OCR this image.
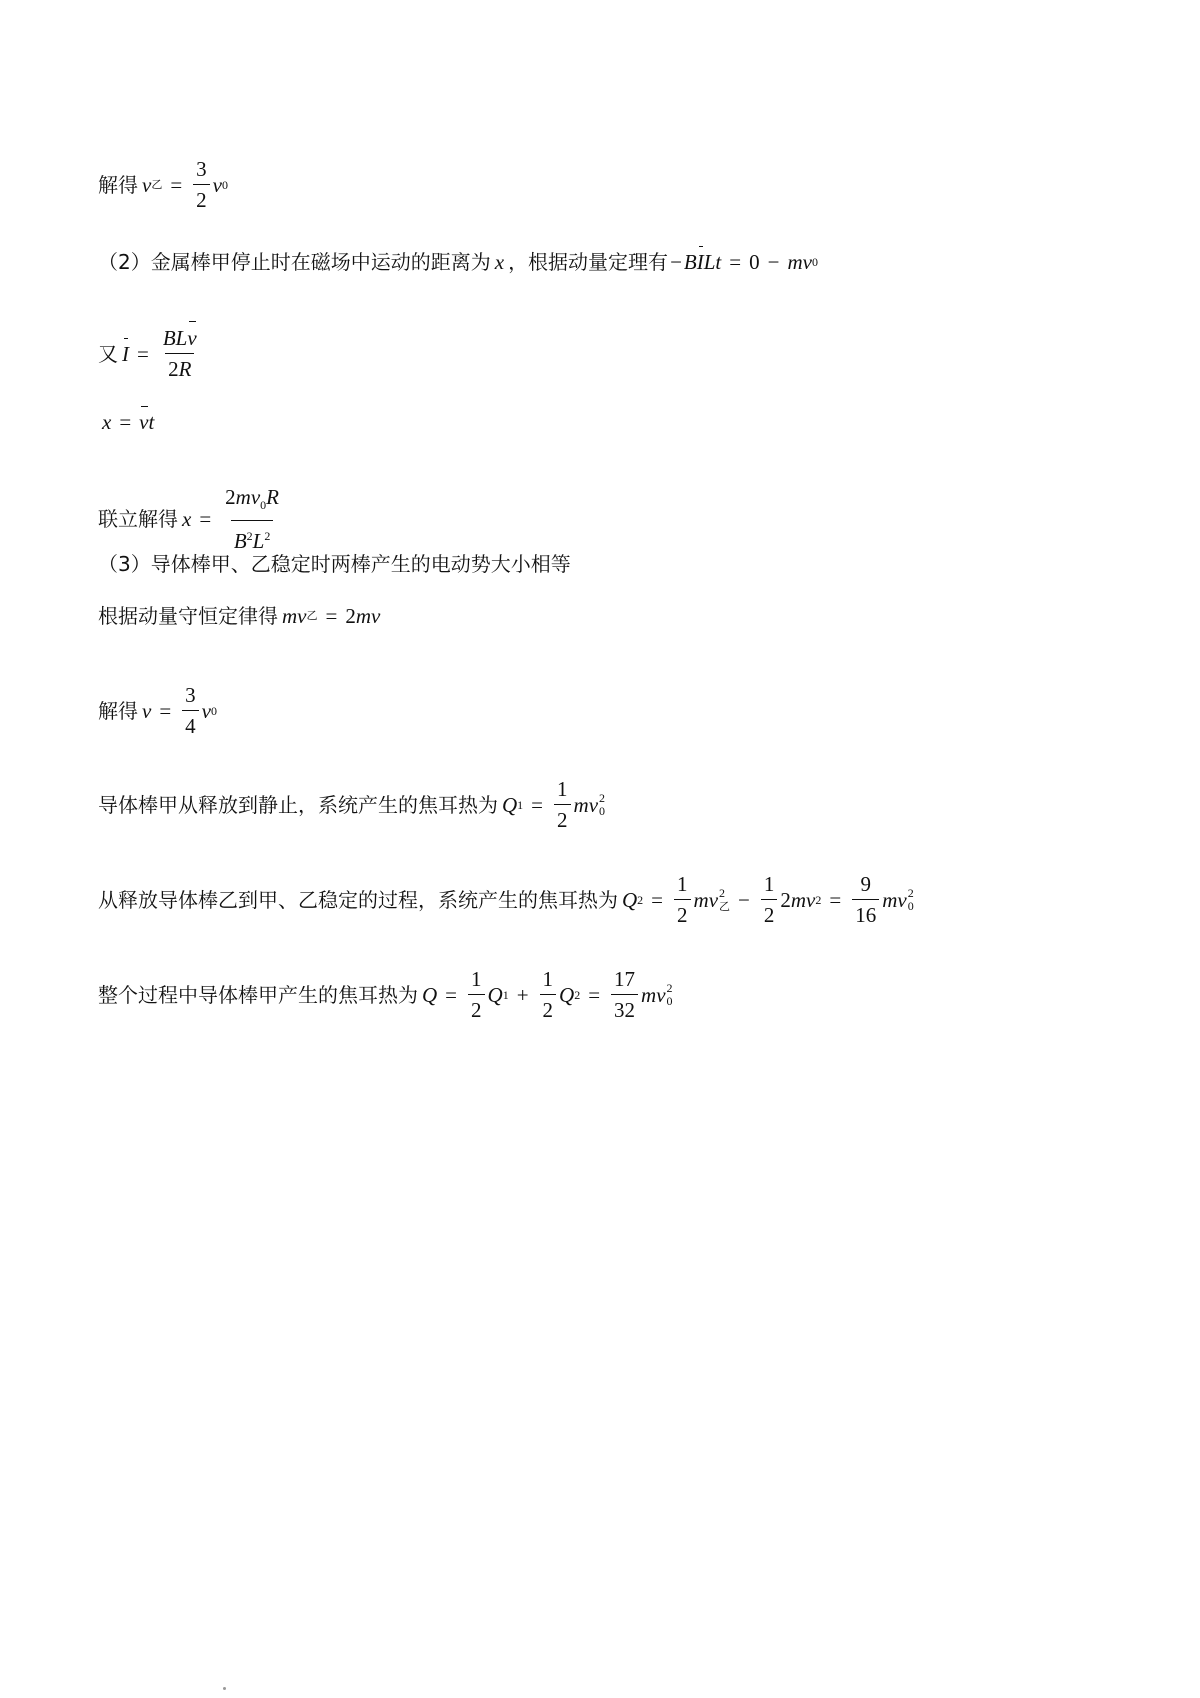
解得 v 乙 = $\frac{3}{2}$ v 0
（2）金属棒甲停止时在磁场中运动的距离为 x ，根据动量定理有 − B I L t = 0 − m v 0
又 $I = \frac{\text{BLv}}{2R}$
x = v t
联立解得 $x = \frac{2mv_0R}{B^2L^2}$
（3）导体棒甲、乙稳定时两棒产生的电动势大小相等
根据动量守恒定律得 m v 乙 = 2 m v
解得 $v = \frac{3}{4}$ v 0
导体棒甲从释放到静止，系统产生的焦耳热为 Q $1 = \frac{1}{2}$ m v 2
0
从释放导体棒乙到甲、乙稳定的过程，系统产生的焦耳热为 Q $2 = \frac{1}{2}$ m v 2
乙 − $\frac{1}{2} 2$ m v $2 = \frac{9}{16}$ m v 2
0
整个过程中导体棒甲产生的焦耳热为 $Q = \frac{1}{2}$ Q $1 + \frac{1}{2}$ Q $2 = \frac{17}{32}$ m v 2
0
